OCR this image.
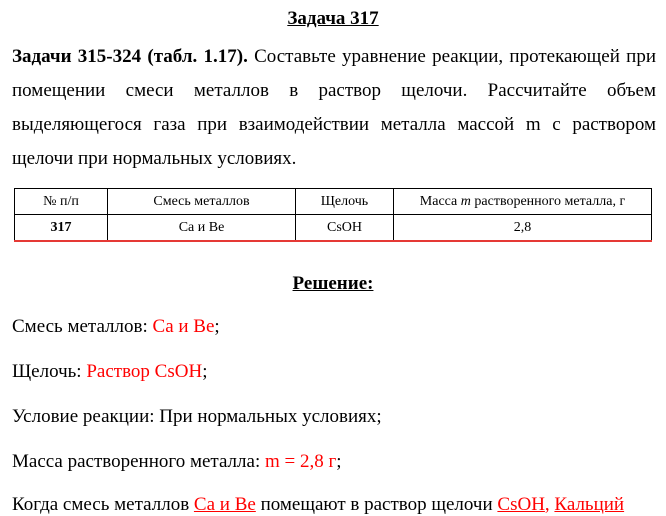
Задача 317
Задачи 315-324 (табл. 1.17). Составьте уравнение реакции, протекающей при помещении смеси металлов в раствор щелочи. Рассчитайте объем выделяющегося газа при взаимодействии металла массой m с раствором щелочи при нормальных условиях.
№ п/п	Смесь металлов	Щелочь	Масса m растворенного металла, г
317	Ca и Be	CsOH	2,8
Решение:
Смесь металлов: Ca и Be;
Щелочь: Раствор CsOH;
Условие реакции: При нормальных условиях;
Масса растворенного металла: m = 2,8 г;
Когда смесь металлов Ca и Be помещают в раствор щелочи CsOH, Кальций
